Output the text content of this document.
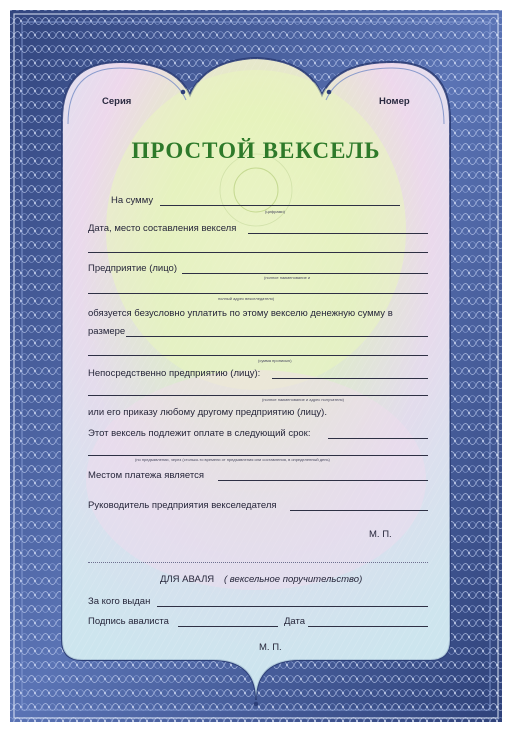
Серия	Номер
ПРОСТОЙ ВЕКСЕЛЬ
На сумму
(цифрами)
Дата, место составления векселя
Предприятие (лицо)
(полное наименование и
полный адрес векселедателя)
обязуется безусловно уплатить по этому векселю денежную сумму в
размере
(сумма прописью)
Непосредственно предприятию (лицу):
(полное наименование и адрес получателя)
или его приказу любому другому предприятию (лицу).
Этот вексель подлежит оплате в следующий срок:
(по предъявлении, через (столько-то времени от предъявления или составления, в определенный день)
Местом платежа является
Руководитель предприятия векселедателя
М. П.
ДЛЯ АВАЛЯ ( вексельное поручительство)
За кого выдан
Подпись авалиста	Дата
М. П.
